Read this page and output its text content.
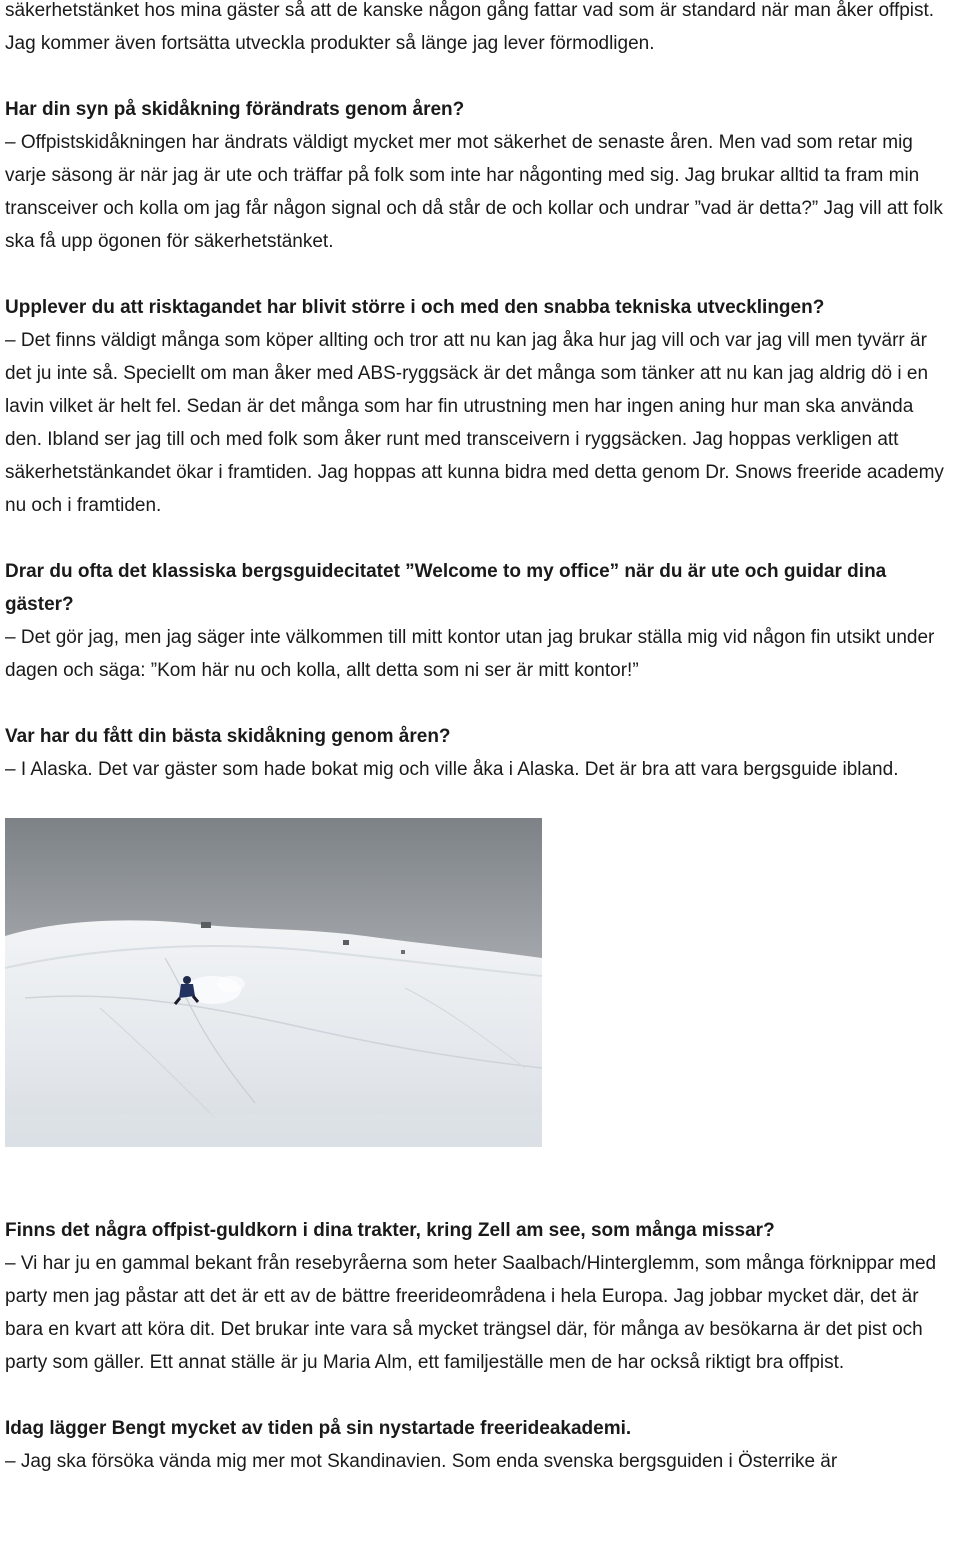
säkerhetstänket hos mina gäster så att de kanske någon gång fattar vad som är standard när man åker offpist. Jag kommer även fortsätta utveckla produkter så länge jag lever förmodligen.

Har din syn på skidåkning förändrats genom åren?

– Offpistskidåkningen har ändrats väldigt mycket mer mot säkerhet de senaste åren. Men vad som retar mig varje säsong är när jag är ute och träffar på folk som inte har någonting med sig. Jag brukar alltid ta fram min transceiver och kolla om jag får någon signal och då står de och kollar och undrar ”vad är detta?” Jag vill att folk ska få upp ögonen för säkerhetstänket.

Upplever du att risktagandet har blivit större i och med den snabba tekniska utvecklingen?

– Det finns väldigt många som köper allting och tror att nu kan jag åka hur jag vill och var jag vill men tyvärr är det ju inte så. Speciellt om man åker med ABS-ryggsäck är det många som tänker att nu kan jag aldrig dö i en lavin vilket är helt fel. Sedan är det många som har fin utrustning men har ingen aning hur man ska använda den. Ibland ser jag till och med folk som åker runt med transceivern i ryggsäcken. Jag hoppas verkligen att säkerhetstänkandet ökar i framtiden. Jag hoppas att kunna bidra med detta genom Dr. Snows freeride academy nu och i framtiden.

Drar du ofta det klassiska bergsguidecitatet ”Welcome to my office” när du är ute och guidar dina gäster?

– Det gör jag, men jag säger inte välkommen till mitt kontor utan jag brukar ställa mig vid någon fin utsikt under dagen och säga: ”Kom här nu och kolla, allt detta som ni ser är mitt kontor!”

Var har du fått din bästa skidåkning genom åren?

– I Alaska. Det var gäster som hade bokat mig och ville åka i Alaska. Det är bra att vara bergsguide ibland.

Finns det några offpist-guldkorn i dina trakter, kring Zell am see, som många missar?

– Vi har ju en gammal bekant från resebyråerna som heter Saalbach/Hinterglemm, som många förknippar med party men jag påstar att det är ett av de bättre freerideområdena i hela Europa. Jag jobbar mycket där, det är bara en kvart att köra dit. Det brukar inte vara så mycket trängsel där, för många av besökarna är det pist och party som gäller. Ett annat ställe är ju Maria Alm, ett familjeställe men de har också riktigt bra offpist.

Idag lägger Bengt mycket av tiden på sin nystartade freerideakademi.

– Jag ska försöka vända mig mer mot Skandinavien. Som enda svenska bergsguiden i Österrike är
